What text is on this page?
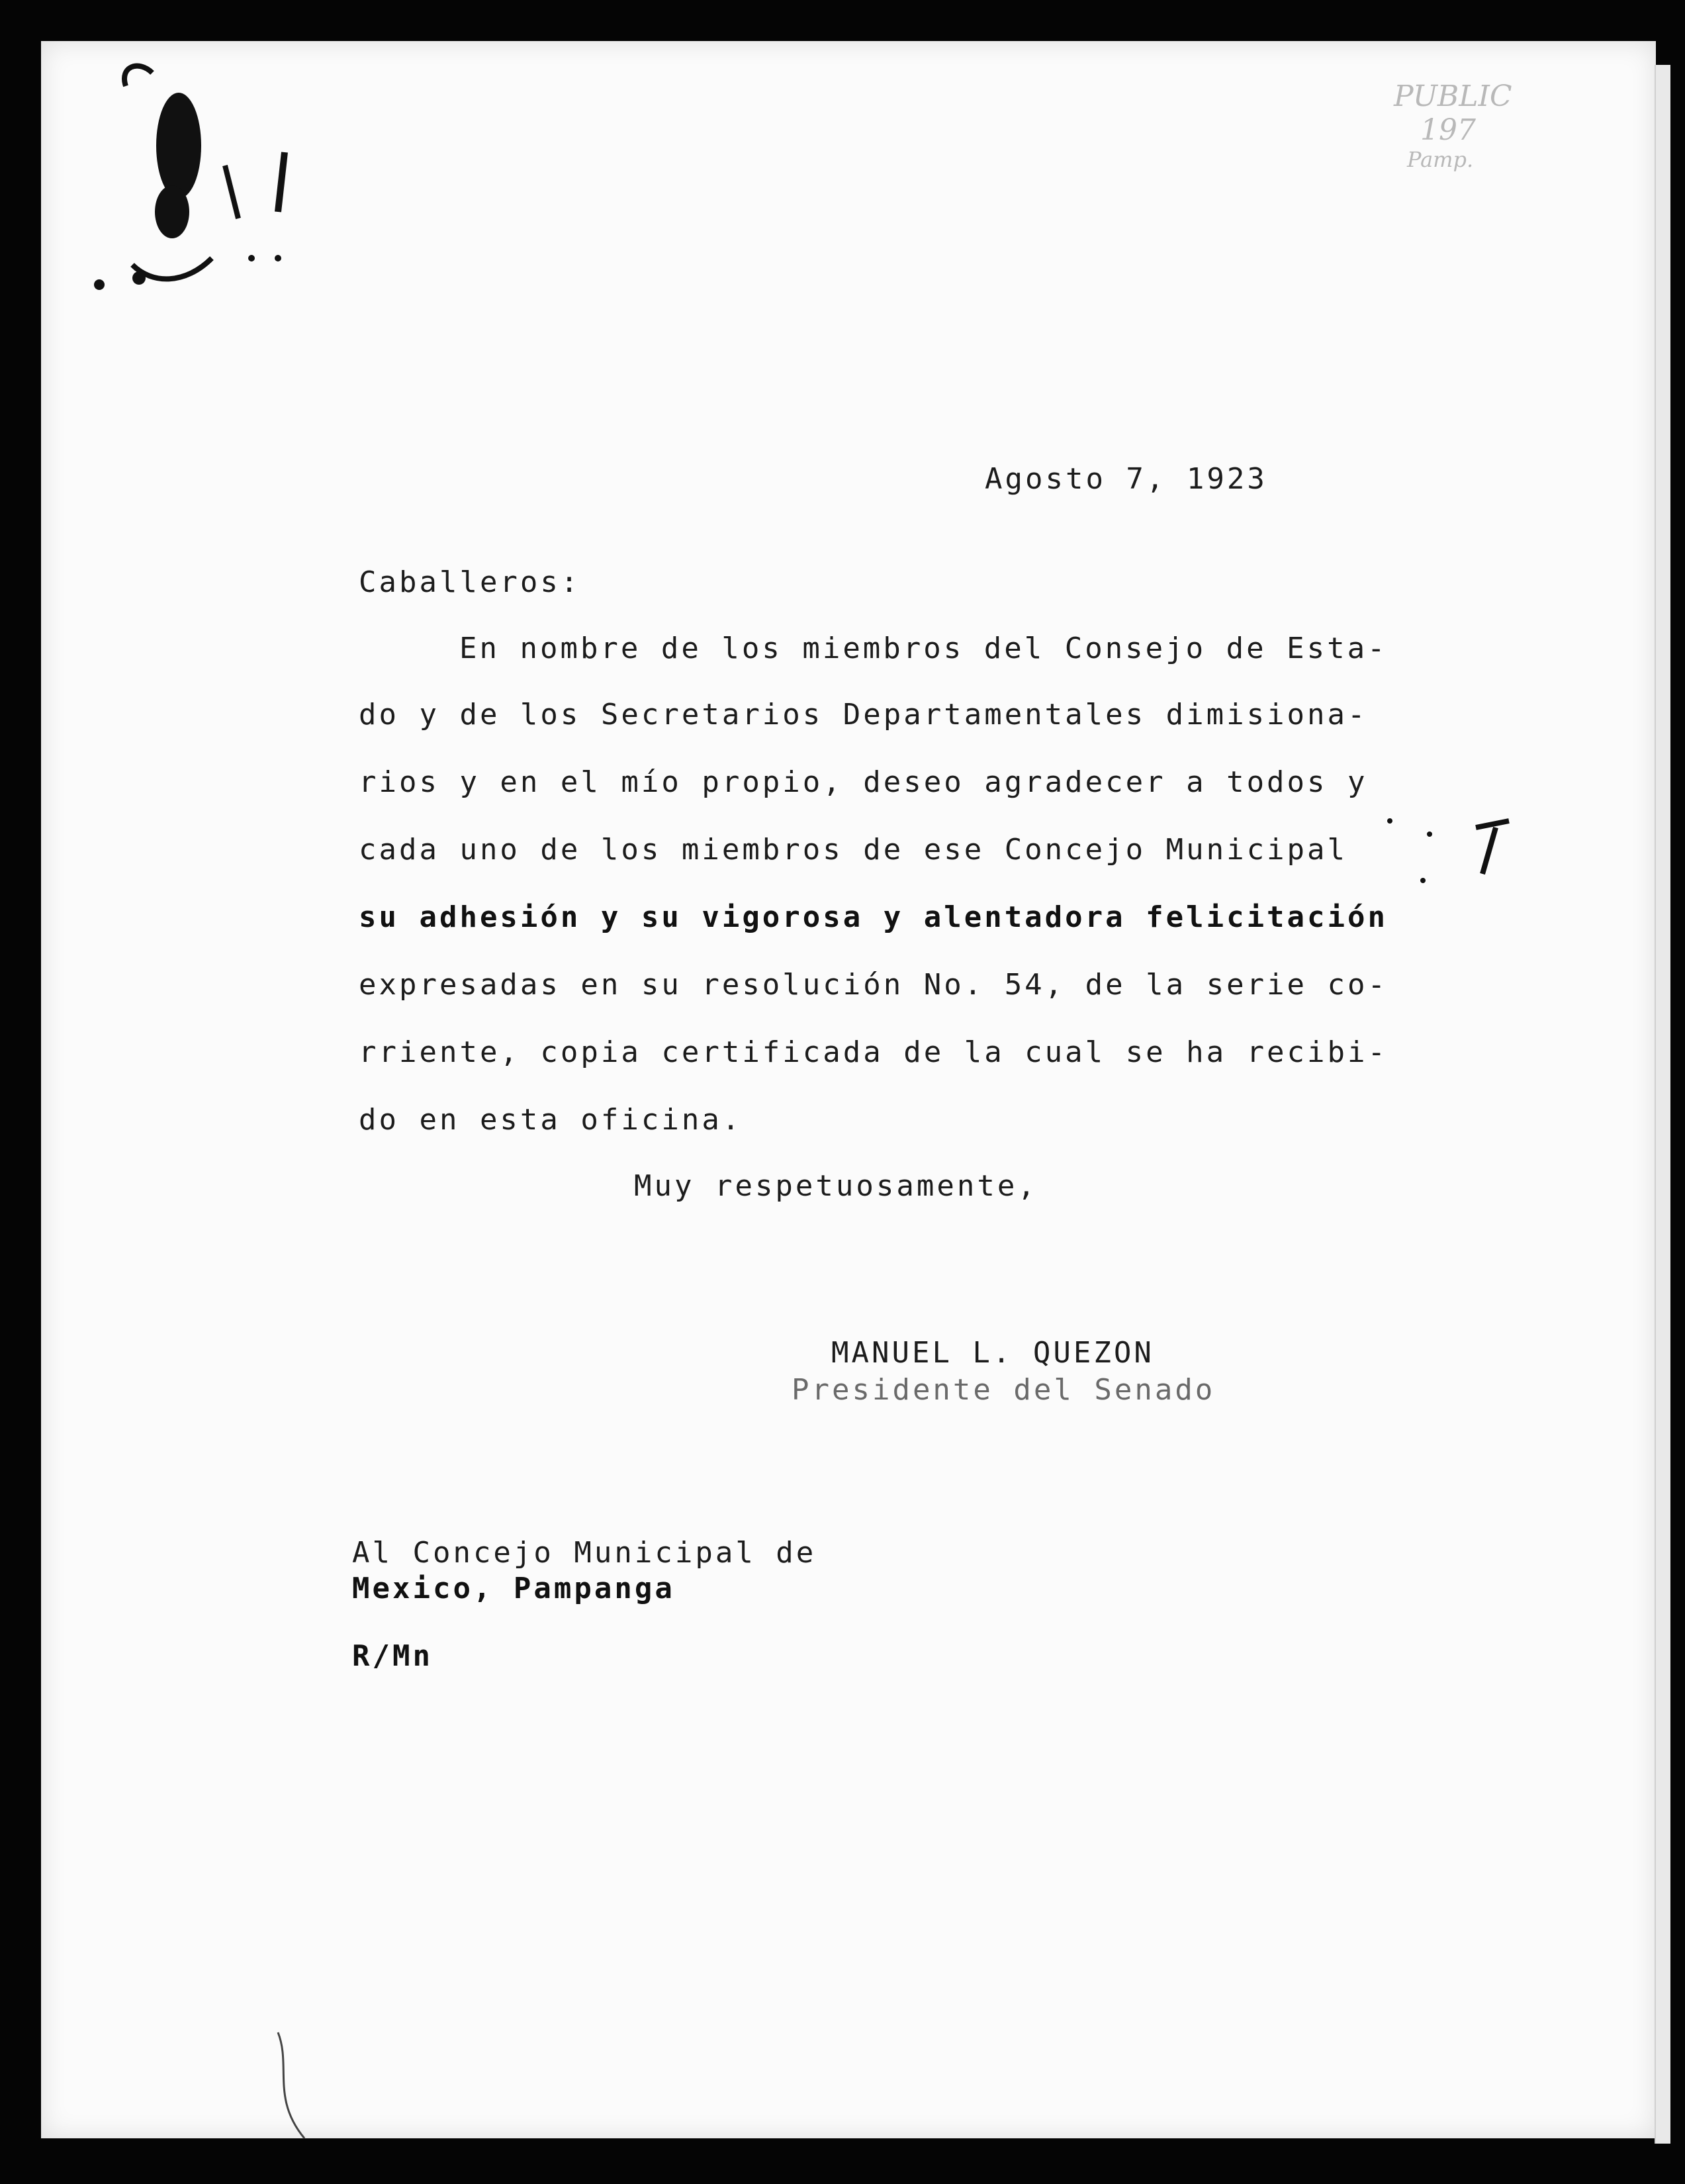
PUBLIC
197
Pamp.
Agosto 7, 1923
Caballeros:
En nombre de los miembros del Consejo de Esta-
do y de los Secretarios Departamentales dimisiona-
rios y en el mío propio, deseo agradecer a todos y
cada uno de los miembros de ese Concejo Municipal
su adhesión y su vigorosa y alentadora felicitación
expresadas en su resolución No. 54, de la serie co-
rriente, copia certificada de la cual se ha recibi-
do en esta oficina.
Muy respetuosamente,
MANUEL L. QUEZON
Presidente del Senado
Al Concejo Municipal de
Mexico, Pampanga
R/Mn
